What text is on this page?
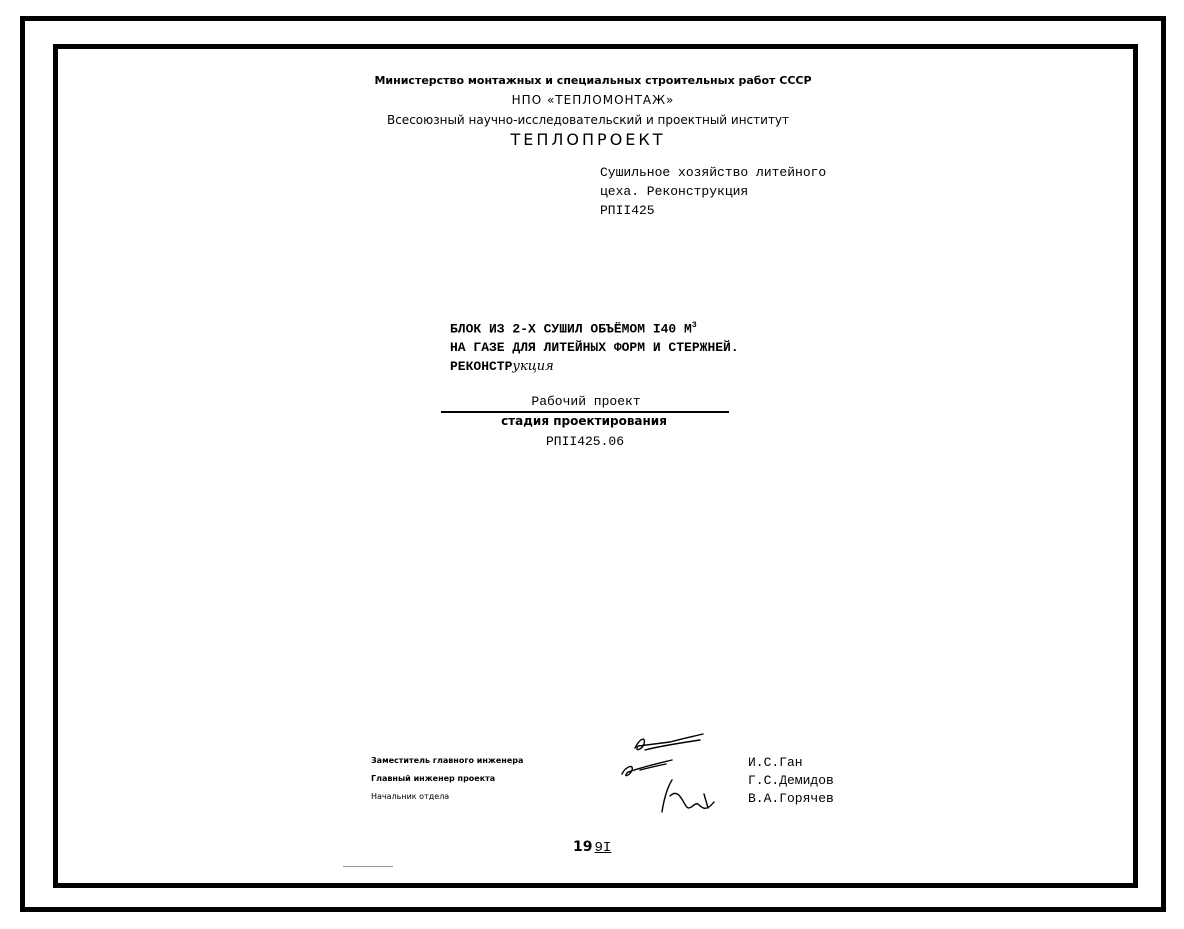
Министерство монтажных и специальных строительных работ СССР
НПО «ТЕПЛОМОНТАЖ»
Всесоюзный научно-исследовательский и проектный институт
ТЕПЛОПРОЕКТ
Сушильное хозяйство литейного
цеха. Реконструкция
РПII425
БЛОК ИЗ 2-Х СУШИЛ ОБЪЁМОМ I40 $М^3$
НА ГАЗЕ ДЛЯ ЛИТЕЙНЫХ ФОРМ И СТЕРЖНЕЙ.
РЕКОНСТРукция
Рабочий проект
стадия проектирования
РПII425.06
Заместитель главного инженера
Главный инженер проекта
Начальник отдела
И.С.Ган
Г.С.Демидов
В.А.Горячев
19 9I
